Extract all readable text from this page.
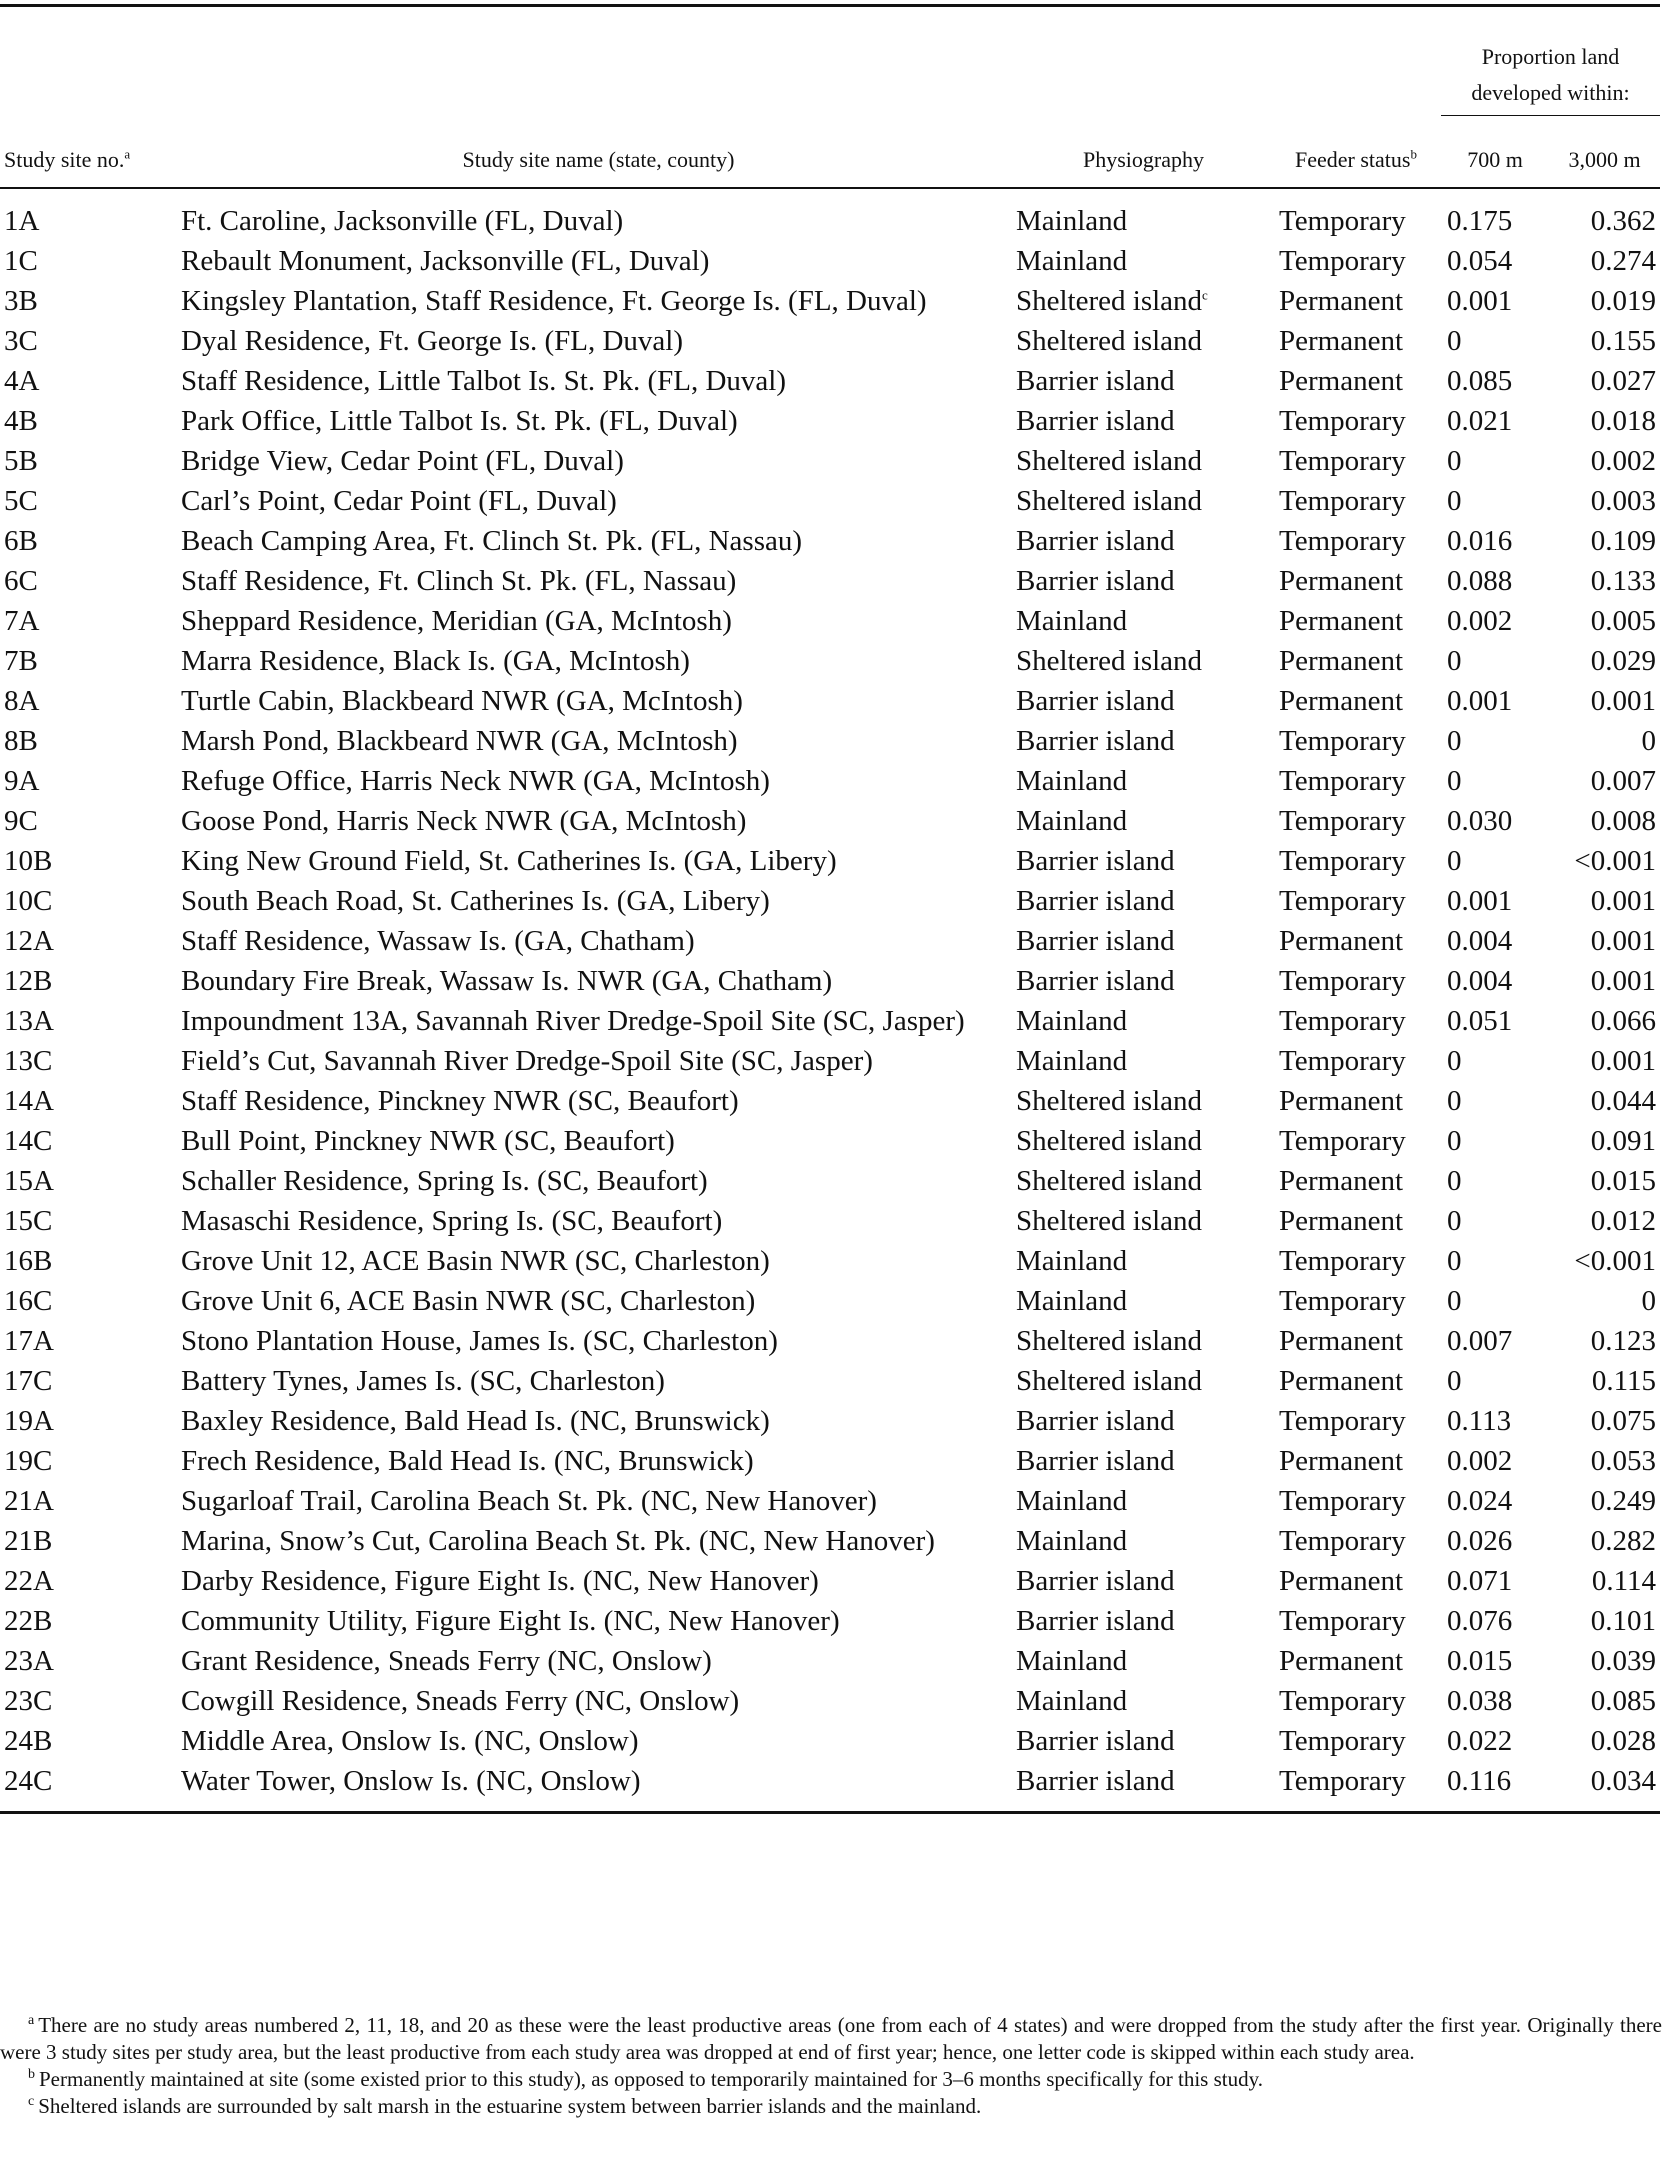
				Proportion land
developed within:	
Study site no.$^a$	Study site name (state, county)	Physiography	Feeder status$^b$	700 m	3,000 m
1A	Ft. Caroline, Jacksonville (FL, Duval)	Mainland	Temporary	0.175	0.362
1C	Rebault Monument, Jacksonville (FL, Duval)	Mainland	Temporary	0.054	0.274
3B	Kingsley Plantation, Staff Residence, Ft. George Is. (FL, Duval)	Sheltered island$^c$	Permanent	0.001	0.019
3C	Dyal Residence, Ft. George Is. (FL, Duval)	Sheltered island	Permanent	0	0.155
4A	Staff Residence, Little Talbot Is. St. Pk. (FL, Duval)	Barrier island	Permanent	0.085	0.027
4B	Park Office, Little Talbot Is. St. Pk. (FL, Duval)	Barrier island	Temporary	0.021	0.018
5B	Bridge View, Cedar Point (FL, Duval)	Sheltered island	Temporary	0	0.002
5C	Carl’s Point, Cedar Point (FL, Duval)	Sheltered island	Temporary	0	0.003
6B	Beach Camping Area, Ft. Clinch St. Pk. (FL, Nassau)	Barrier island	Temporary	0.016	0.109
6C	Staff Residence, Ft. Clinch St. Pk. (FL, Nassau)	Barrier island	Permanent	0.088	0.133
7A	Sheppard Residence, Meridian (GA, McIntosh)	Mainland	Permanent	0.002	0.005
7B	Marra Residence, Black Is. (GA, McIntosh)	Sheltered island	Permanent	0	0.029
8A	Turtle Cabin, Blackbeard NWR (GA, McIntosh)	Barrier island	Permanent	0.001	0.001
8B	Marsh Pond, Blackbeard NWR (GA, McIntosh)	Barrier island	Temporary	0	0
9A	Refuge Office, Harris Neck NWR (GA, McIntosh)	Mainland	Temporary	0	0.007
9C	Goose Pond, Harris Neck NWR (GA, McIntosh)	Mainland	Temporary	0.030	0.008
10B	King New Ground Field, St. Catherines Is. (GA, Libery)	Barrier island	Temporary	0	<0.001
10C	South Beach Road, St. Catherines Is. (GA, Libery)	Barrier island	Temporary	0.001	0.001
12A	Staff Residence, Wassaw Is. (GA, Chatham)	Barrier island	Permanent	0.004	0.001
12B	Boundary Fire Break, Wassaw Is. NWR (GA, Chatham)	Barrier island	Temporary	0.004	0.001
13A	Impoundment 13A, Savannah River Dredge-Spoil Site (SC, Jasper)	Mainland	Temporary	0.051	0.066
13C	Field’s Cut, Savannah River Dredge-Spoil Site (SC, Jasper)	Mainland	Temporary	0	0.001
14A	Staff Residence, Pinckney NWR (SC, Beaufort)	Sheltered island	Permanent	0	0.044
14C	Bull Point, Pinckney NWR (SC, Beaufort)	Sheltered island	Temporary	0	0.091
15A	Schaller Residence, Spring Is. (SC, Beaufort)	Sheltered island	Permanent	0	0.015
15C	Masaschi Residence, Spring Is. (SC, Beaufort)	Sheltered island	Permanent	0	0.012
16B	Grove Unit 12, ACE Basin NWR (SC, Charleston)	Mainland	Temporary	0	<0.001
16C	Grove Unit 6, ACE Basin NWR (SC, Charleston)	Mainland	Temporary	0	0
17A	Stono Plantation House, James Is. (SC, Charleston)	Sheltered island	Permanent	0.007	0.123
17C	Battery Tynes, James Is. (SC, Charleston)	Sheltered island	Permanent	0	0.115
19A	Baxley Residence, Bald Head Is. (NC, Brunswick)	Barrier island	Temporary	0.113	0.075
19C	Frech Residence, Bald Head Is. (NC, Brunswick)	Barrier island	Permanent	0.002	0.053
21A	Sugarloaf Trail, Carolina Beach St. Pk. (NC, New Hanover)	Mainland	Temporary	0.024	0.249
21B	Marina, Snow’s Cut, Carolina Beach St. Pk. (NC, New Hanover)	Mainland	Temporary	0.026	0.282
22A	Darby Residence, Figure Eight Is. (NC, New Hanover)	Barrier island	Permanent	0.071	0.114
22B	Community Utility, Figure Eight Is. (NC, New Hanover)	Barrier island	Temporary	0.076	0.101
23A	Grant Residence, Sneads Ferry (NC, Onslow)	Mainland	Permanent	0.015	0.039
23C	Cowgill Residence, Sneads Ferry (NC, Onslow)	Mainland	Temporary	0.038	0.085
24B	Middle Area, Onslow Is. (NC, Onslow)	Barrier island	Temporary	0.022	0.028
24C	Water Tower, Onslow Is. (NC, Onslow)	Barrier island	Temporary	0.116	0.034

$^a$ There are no study areas numbered 2, 11, 18, and 20 as these were the least productive areas (one from each of 4 states) and were dropped from the study after the first year. Originally there were 3 study sites per study area, but the least productive from each study area was dropped at end of first year; hence, one letter code is skipped within each study area.

$^b$ Permanently maintained at site (some existed prior to this study), as opposed to temporarily maintained for 3–6 months specifically for this study.

$^c$ Sheltered islands are surrounded by salt marsh in the estuarine system between barrier islands and the mainland.
